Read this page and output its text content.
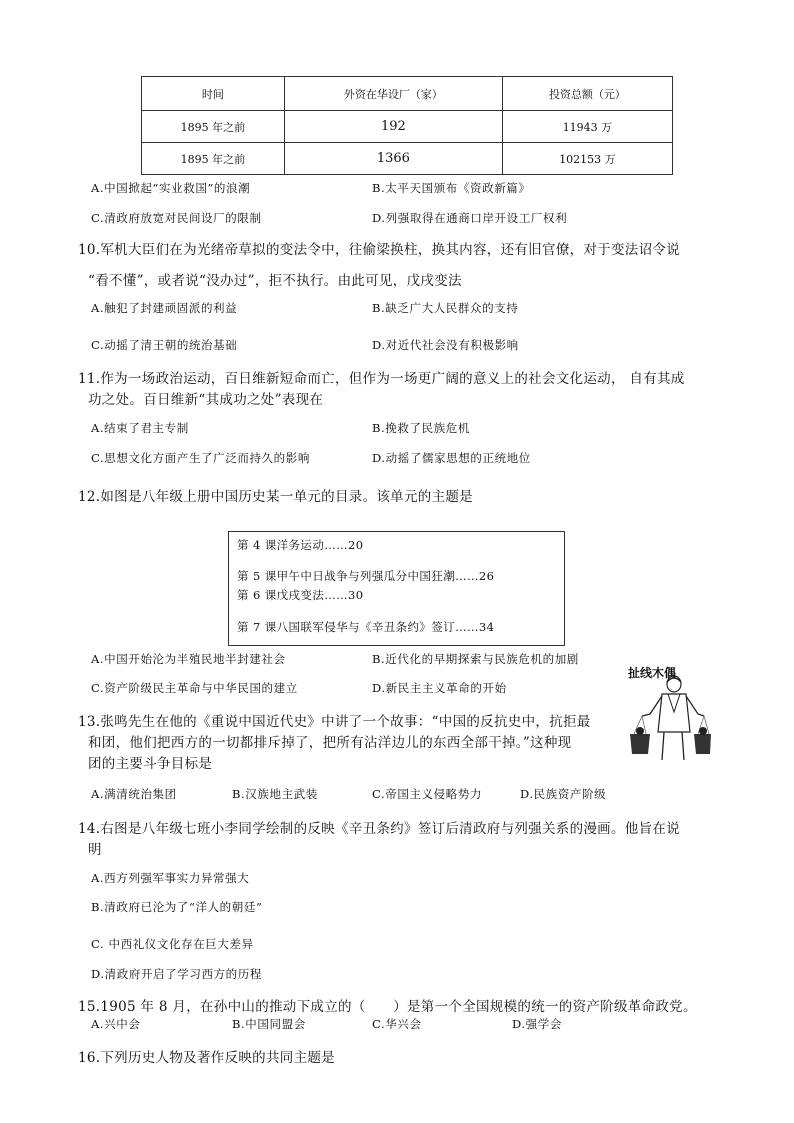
时间	外资在华设厂（家）	投资总额（元）
1895 年之前	192	11943 万
1895 年之前	1366	102153 万
A.中国掀起“实业救国”的浪潮	B.太平天国颁布《资政新篇》
C.清政府放宽对民间设厂的限制	D.列强取得在通商口岸开设工厂权利
10.军机大臣们在为光绪帝草拟的变法令中，往偷梁换柱，换其内容，还有旧官僚，对于变法诏令说
“看不懂”，或者说“没办过”，拒不执行。由此可见，戊戌变法
A.触犯了封建顽固派的利益	B.缺乏广大人民群众的支持
C.动摇了清王朝的统治基础	D.对近代社会没有积极影响
11.作为一场政治运动，百日维新短命而亡，但作为一场更广阔的意义上的社会文化运动， 自有其成
功之处。百日维新“其成功之处”表现在
A.结束了君主专制	B.挽救了民族危机
C.思想文化方面产生了广泛而持久的影响	D.动摇了儒家思想的正统地位
12.如图是八年级上册中国历史某一单元的目录。该单元的主题是
第 4 课洋务运动……20
第 5 课甲午中日战争与列强瓜分中国狂潮……26
第 6 课戊戌变法……30
第 7 课八国联军侵华与《辛丑条约》签订……34
A.中国开始沦为半殖民地半封建社会	B.近代化的早期探索与民族危机的加剧
C.资产阶级民主革命与中华民国的建立	D.新民主主义革命的开始
13.张鸣先生在他的《重说中国近代史》中讲了一个故事：“中国的反抗史中，抗拒最
和团，他们把西方的一切都排斥掉了，把所有沾洋边儿的东西全部干掉。”这种现
团的主要斗争目标是
A.满清统治集团	B.汉族地主武装	C.帝国主义侵略势力	D.民族资产阶级
扯线木偶
14.右图是八年级七班小李同学绘制的反映《辛丑条约》签订后清政府与列强关系的漫画。他旨在说
明
A.西方列强军事实力异常强大
B.清政府已沦为了“洋人的朝廷”
C. 中西礼仪文化存在巨大差异
D.清政府开启了学习西方的历程
15.1905 年 8 月，在孙中山的推动下成立的（　　）是第一个全国规模的统一的资产阶级革命政党。
A.兴中会	B.中国同盟会	C.华兴会	D.强学会
16.下列历史人物及著作反映的共同主题是
